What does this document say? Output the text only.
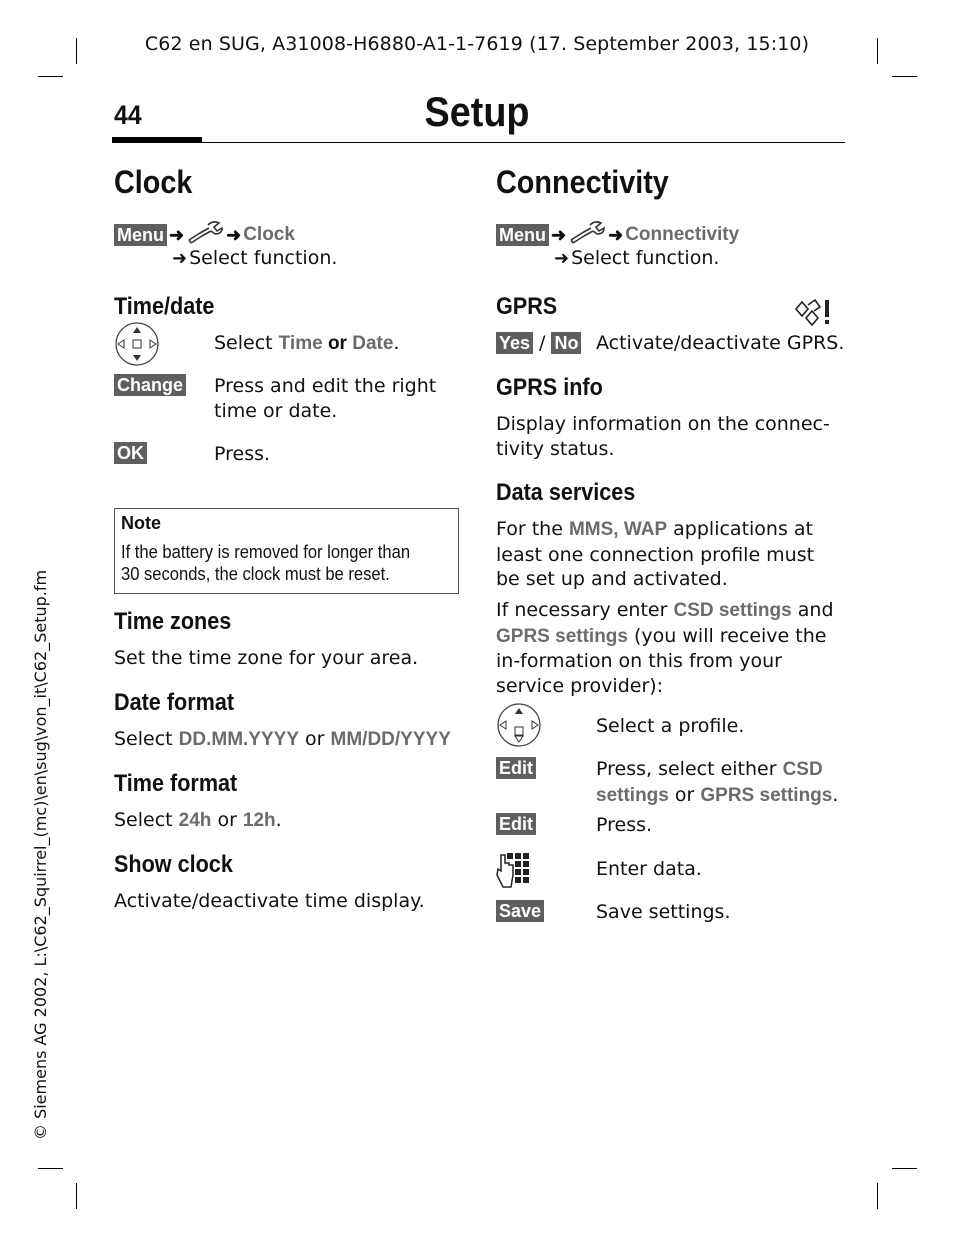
C62 en SUG, A31008-H6880-A1-1-7619 (17. September 2003, 15:10)
44	Setup
© Siemens AG 2002, L:\C62_Squirrel_(mc)\en\sug\von_it\C62_Setup.fm
Clock
Menu ➜ ➜ Clock
➜ Select function.
Time/date
Select Time or Date.
Change Press and edit the right time or date.
OK	Press.
Note
If the battery is removed for longer than 30 seconds, the clock must be reset.
Time zones
Set the time zone for your area.
Date format
Select DD.MM.YYYY or MM/DD/YYYY
Time format
Select 24h or 12h.
Show clock
Activate/deactivate time display.
Connectivity
Menu ➜ ➜ Connectivity
➜ Select function.
GPRS
Yes / No Activate/deactivate GPRS.
GPRS info
Display information on the connec-tivity status.
Data services
For the MMS, WAP applications at least one connection profile must be set up and activated.
If necessary enter CSD settings and GPRS settings (you will receive the in-formation on this from your service provider):
Select a profile.
Edit	Press, select either CSD settings or GPRS settings.
Edit	Press.
Enter data.
Save	Save settings.
